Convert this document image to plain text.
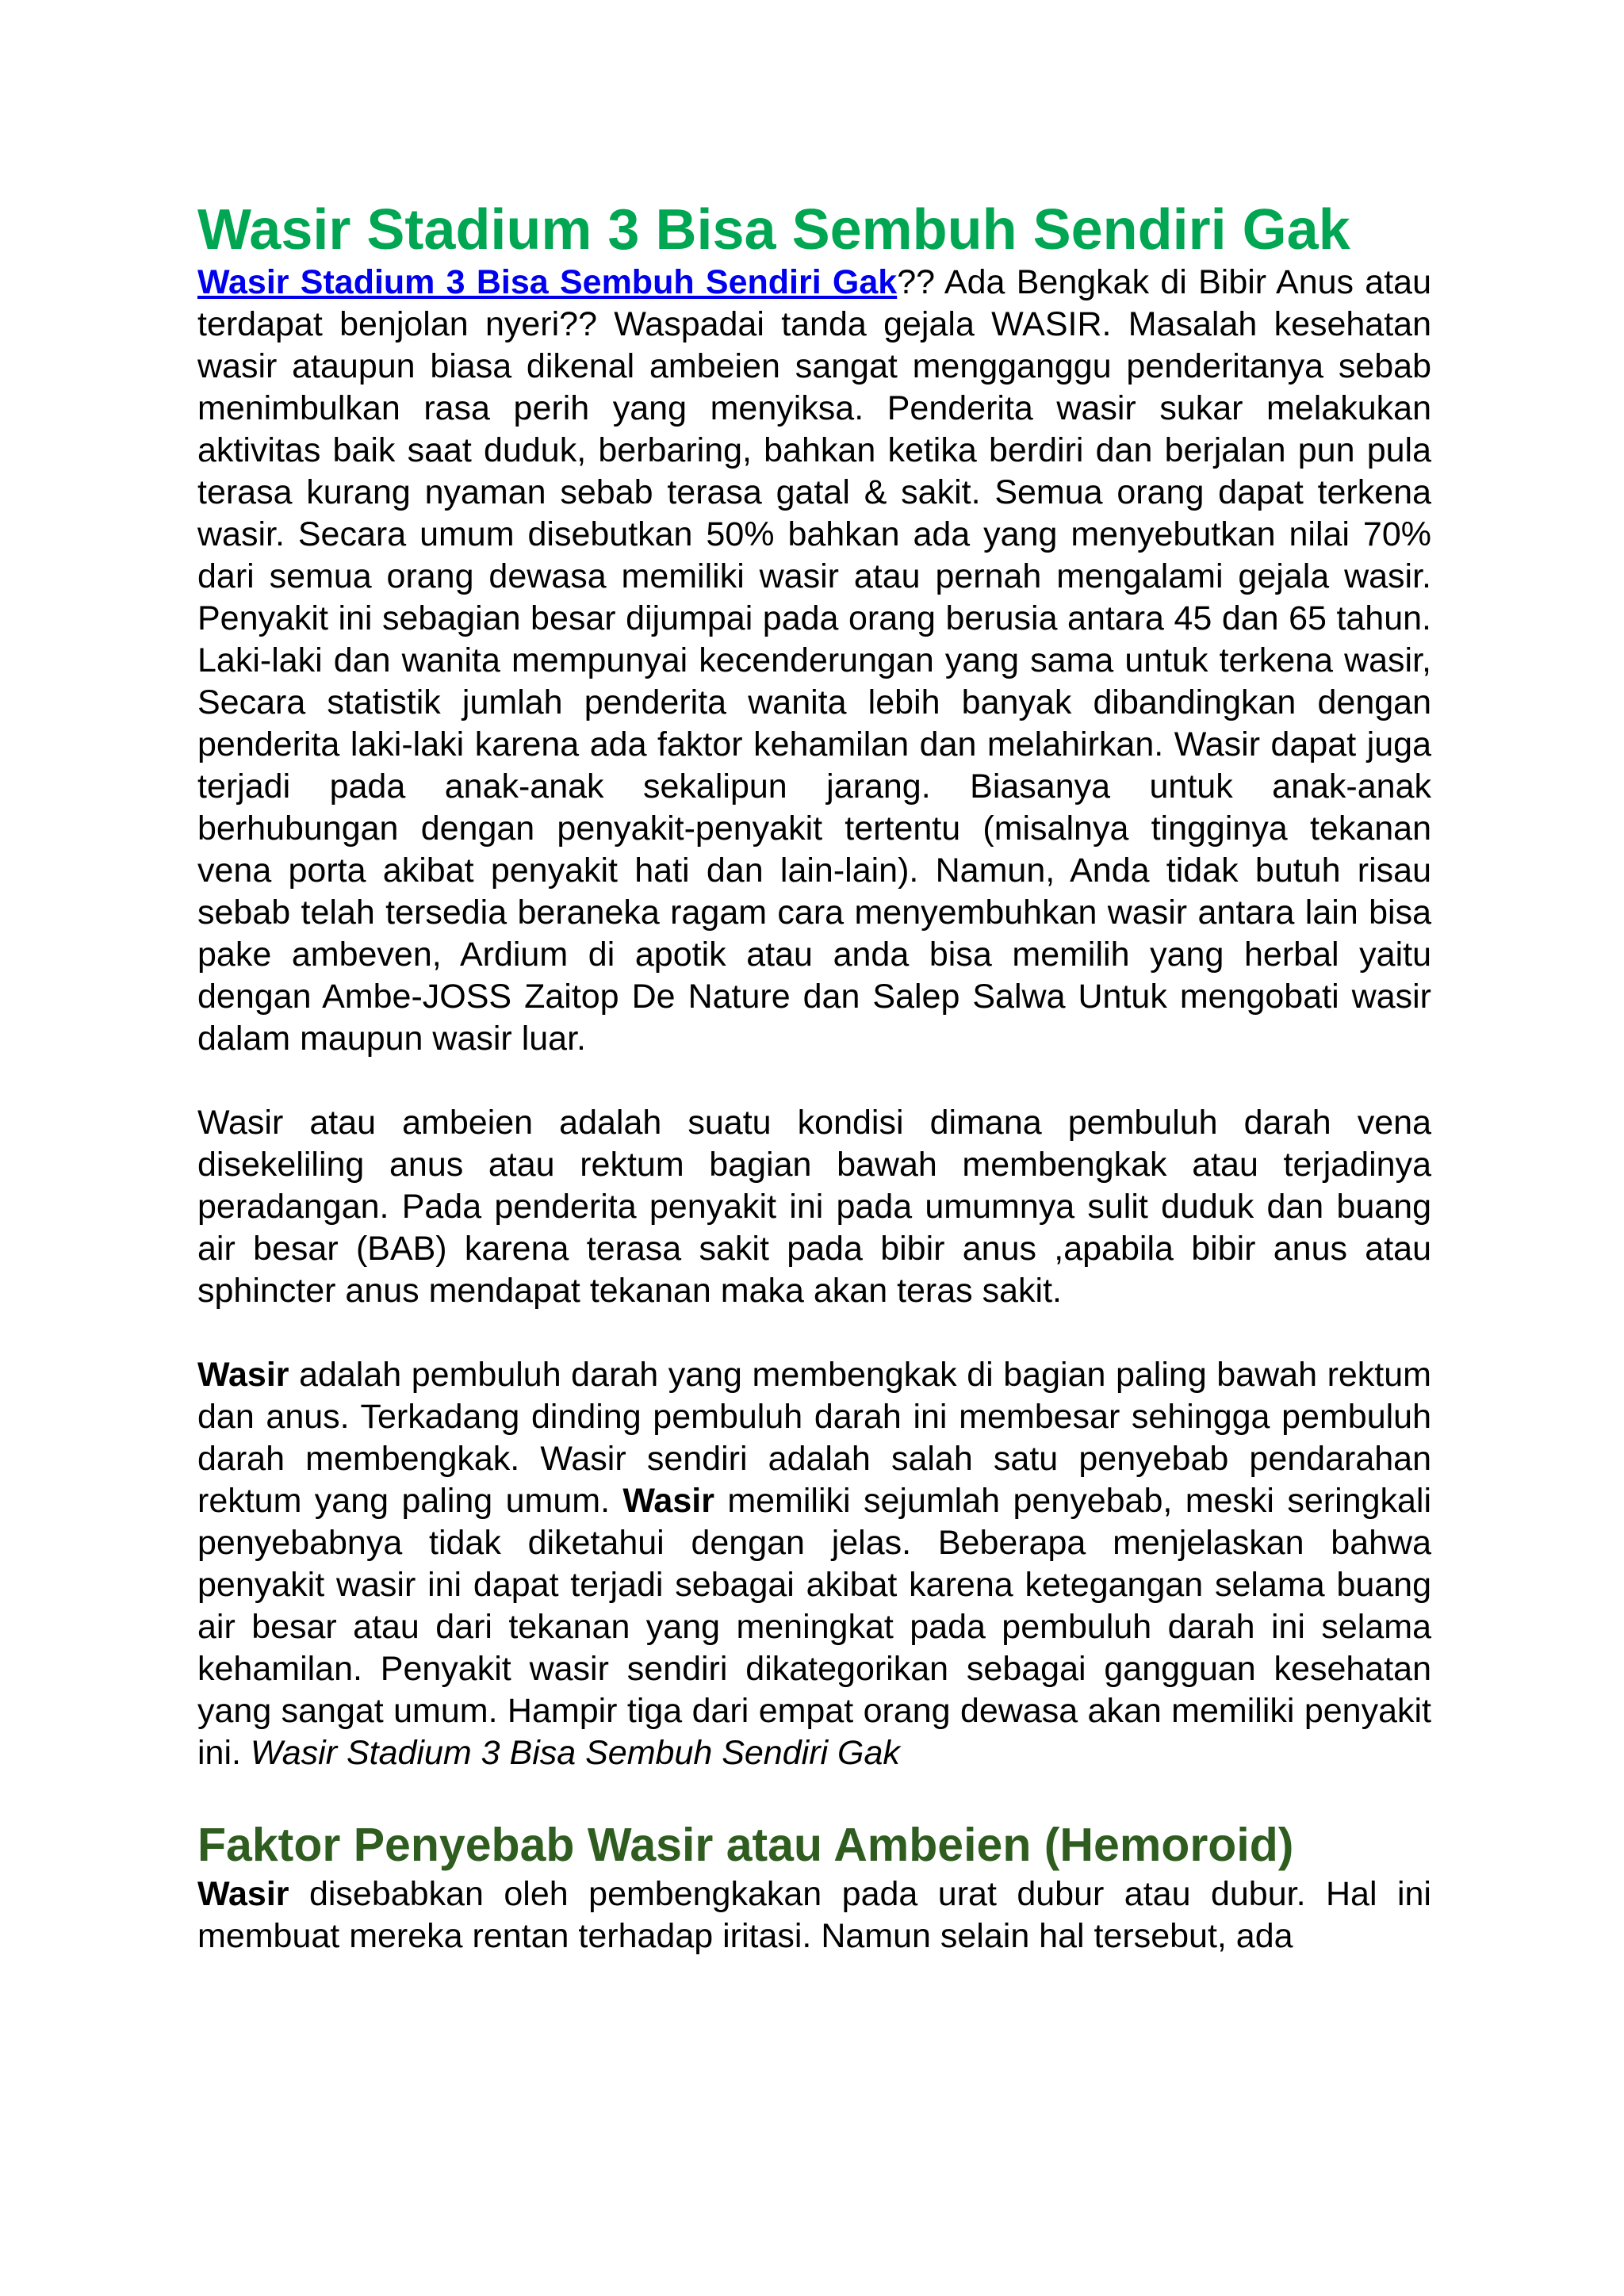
Wasir Stadium 3 Bisa Sembuh Sendiri Gak

Wasir Stadium 3 Bisa Sembuh Sendiri Gak?? Ada Bengkak di Bibir Anus atau terdapat benjolan nyeri?? Waspadai tanda gejala WASIR. Masalah kesehatan wasir ataupun biasa dikenal ambeien sangat mengganggu penderitanya sebab menimbulkan rasa perih yang menyiksa. Penderita wasir sukar melakukan aktivitas baik saat duduk, berbaring, bahkan ketika berdiri dan berjalan pun pula terasa kurang nyaman sebab terasa gatal & sakit. Semua orang dapat terkena wasir. Secara umum disebutkan 50% bahkan ada yang menyebutkan nilai 70% dari semua orang dewasa memiliki wasir atau pernah mengalami gejala wasir. Penyakit ini sebagian besar dijumpai pada orang berusia antara 45 dan 65 tahun. Laki-laki dan wanita mempunyai kecenderungan yang sama untuk terkena wasir, Secara statistik jumlah penderita wanita lebih banyak dibandingkan dengan penderita laki-laki karena ada faktor kehamilan dan melahirkan. Wasir dapat juga terjadi pada anak-anak sekalipun jarang. Biasanya untuk anak-anak berhubungan dengan penyakit-penyakit tertentu (misalnya tingginya tekanan vena porta akibat penyakit hati dan lain-lain). Namun, Anda tidak butuh risau sebab telah tersedia beraneka ragam cara menyembuhkan wasir antara lain bisa pake ambeven, Ardium di apotik atau anda bisa memilih yang herbal yaitu dengan Ambe-JOSS Zaitop De Nature dan Salep Salwa Untuk mengobati wasir dalam maupun wasir luar.

Wasir atau ambeien adalah suatu kondisi dimana pembuluh darah vena disekeliling anus atau rektum bagian bawah membengkak atau terjadinya peradangan. Pada penderita penyakit ini pada umumnya sulit duduk dan buang air besar (BAB) karena terasa sakit pada bibir anus ,apabila bibir anus atau sphincter anus mendapat tekanan maka akan teras sakit.

Wasir adalah pembuluh darah yang membengkak di bagian paling bawah rektum dan anus. Terkadang dinding pembuluh darah ini membesar sehingga pembuluh darah membengkak. Wasir sendiri adalah salah satu penyebab pendarahan rektum yang paling umum. Wasir memiliki sejumlah penyebab, meski seringkali penyebabnya tidak diketahui dengan jelas. Beberapa menjelaskan bahwa penyakit wasir ini dapat terjadi sebagai akibat karena ketegangan selama buang air besar atau dari tekanan yang meningkat pada pembuluh darah ini selama kehamilan. Penyakit wasir sendiri dikategorikan sebagai gangguan kesehatan yang sangat umum. Hampir tiga dari empat orang dewasa akan memiliki penyakit ini. Wasir Stadium 3 Bisa Sembuh Sendiri Gak

Faktor Penyebab Wasir atau Ambeien (Hemoroid)

Wasir disebabkan oleh pembengkakan pada urat dubur atau dubur. Hal ini membuat mereka rentan terhadap iritasi. Namun selain hal tersebut, ada
